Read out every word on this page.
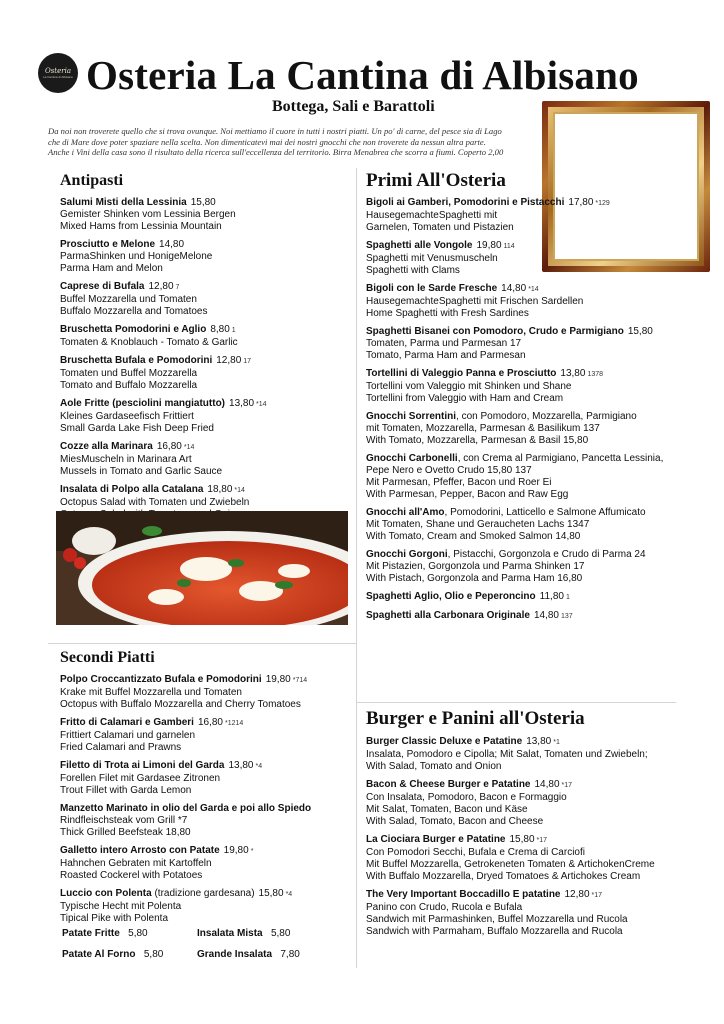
Osteria
La Cantina di Albisano Osteria La Cantina di Albisano
Bottega, Sali e Barattoli
Da noi non troverete quello che si trova ovunque. Noi mettiamo il cuore in tutti i nostri piatti. Un po' di carne, del pesce sia di Lago
che di Mare dove poter spaziare nella scelta. Non dimenticatevi mai dei nostri gnocchi che non troverete da nessun altra parte.
Anche i Vini della casa sono il risultato della ricerca sull'eccellenza del territorio. Birra Menabrea che scorra a fiumi. Coperto 2,00
Antipasti
Salumi Misti della Lessinia 15,80
Gemister Shinken vom Lessinia Bergen
Mixed Hams from Lessinia Mountain
Prosciutto e Melone 14,80
ParmaShinken und HonigeMelone
Parma Ham and Melon
Caprese di Bufala 12,80 7
Buffel Mozzarella und Tomaten
Buffalo Mozzarella and Tomatoes
Bruschetta Pomodorini e Aglio 8,80 1
Tomaten & Knoblauch - Tomato & Garlic
Bruschetta Bufala e Pomodorini 12,80 17
Tomaten und Buffel Mozzarella
Tomato and Buffalo Mozzarella
Aole Fritte (pesciolini mangiatutto) 13,80 *14
Kleines Gardaseefisch Frittiert
Small Garda Lake Fish Deep Fried
Cozze alla Marinara 16,80 *14
MiesMuscheln in Marinara Art
Mussels in Tomato and Garlic Sauce
Insalata di Polpo alla Catalana 18,80 *14
Octopus Salad with Tomaten und Zwiebeln
Secondi Piatti
Polpo Croccantizzato Bufala e Pomodorini 19,80 *714
Krake mit Buffel Mozzarella und Tomaten
Octopus with Buffalo Mozzarella and Cherry Tomatoes
Fritto di Calamari e Gamberi 16,80 *1214
Frittiert Calamari und garnelen
Fried Calamari and Prawns
Filetto di Trota ai Limoni del Garda 13,80 *4
Forellen Filet mit Gardasee Zitronen
Trout Fillet with Garda Lemon
Manzetto Marinato in olio del Garda e poi allo Spiedo
Rindfleischsteak vom Grill *7
Thick Grilled Beefsteak 18,80
Galletto intero Arrosto con Patate 19,80 *
Hahnchen Gebraten mit Kartoffeln
Roasted Cockerel with Potatoes
Luccio con Polenta (tradizione gardesana) 15,80 *4
Typische Hecht mit Polenta
Tipical Pike with Polenta
Patate Fritte 5,80	Insalata Mista 5,80
Patate Al Forno 5,80	Grande Insalata 7,80
Primi All'Osteria
Bigoli ai Gamberi, Pomodorini e Pistacchi 17,80 *129
HausegemachteSpaghetti mit
Garnelen, Tomaten und Pistazien
Spaghetti alle Vongole 19,80 114
Spaghetti mit Venusmuscheln
Spaghetti with Clams
Bigoli con le Sarde Fresche 14,80 *14
HausegemachteSpaghetti mit Frischen Sardellen
Home Spaghetti with Fresh Sardines
Spaghetti Bisanei con Pomodoro, Crudo e Parmigiano 15,80
Tomaten, Parma und Parmesan 17
Tomato, Parma Ham and Parmesan
Tortellini di Valeggio Panna e Prosciutto 13,80 1378
Tortellini vom Valeggio mit Shinken und Shane
Tortellini from Valeggio with Ham and Cream
Gnocchi Sorrentini, con Pomodoro, Mozzarella, Parmigiano
mit Tomaten, Mozzarella, Parmesan & Basilikum 137
With Tomato, Mozzarella, Parmesan & Basil 15,80
Gnocchi Carbonelli, con Crema al Parmigiano, Pancetta Lessinia,
Pepe Nero e Ovetto Crudo 15,80 137
Mit Parmesan, Pfeffer, Bacon und Roer Ei
With Parmesan, Pepper, Bacon and Raw Egg
Gnocchi all'Amo, Pomodorini, Latticello e Salmone Affumicato
Mit Tomaten, Shane und Geraucheten Lachs 1347
With Tomato, Cream and Smoked Salmon 14,80
Gnocchi Gorgoni, Pistacchi, Gorgonzola e Crudo di Parma 24
Mit Pistazien, Gorgonzola und Parma Shinken 17
With Pistach, Gorgonzola and Parma Ham 16,80
Spaghetti Aglio, Olio e Peperoncino 11,80 1
Spaghetti alla Carbonara Originale 14,80 137
Burger e Panini all'Osteria
Burger Classic Deluxe e Patatine 13,80 *1
Insalata, Pomodoro e Cipolla; Mit Salat, Tomaten und Zwiebeln;
With Salad, Tomato and Onion
Bacon & Cheese Burger e Patatine 14,80 *17
Con Insalata, Pomodoro, Bacon e Formaggio
Mit Salat, Tomaten, Bacon und Käse
With Salad, Tomato, Bacon and Cheese
La Ciociara Burger e Patatine 15,80 *17
Con Pomodori Secchi, Bufala e Crema di Carciofi
Mit Buffel Mozzarella, Getrokeneten Tomaten & ArtichokenCreme
With Buffalo Mozzarella, Dryed Tomatoes & Artichokes Cream
The Very Important Boccadillo E patatine 12,80 *17
Panino con Crudo, Rucola e Bufala
Sandwich mit Parmashinken, Buffel Mozzarella und Rucola
Sandwich with Parmaham, Buffalo Mozzarella and Rucola
